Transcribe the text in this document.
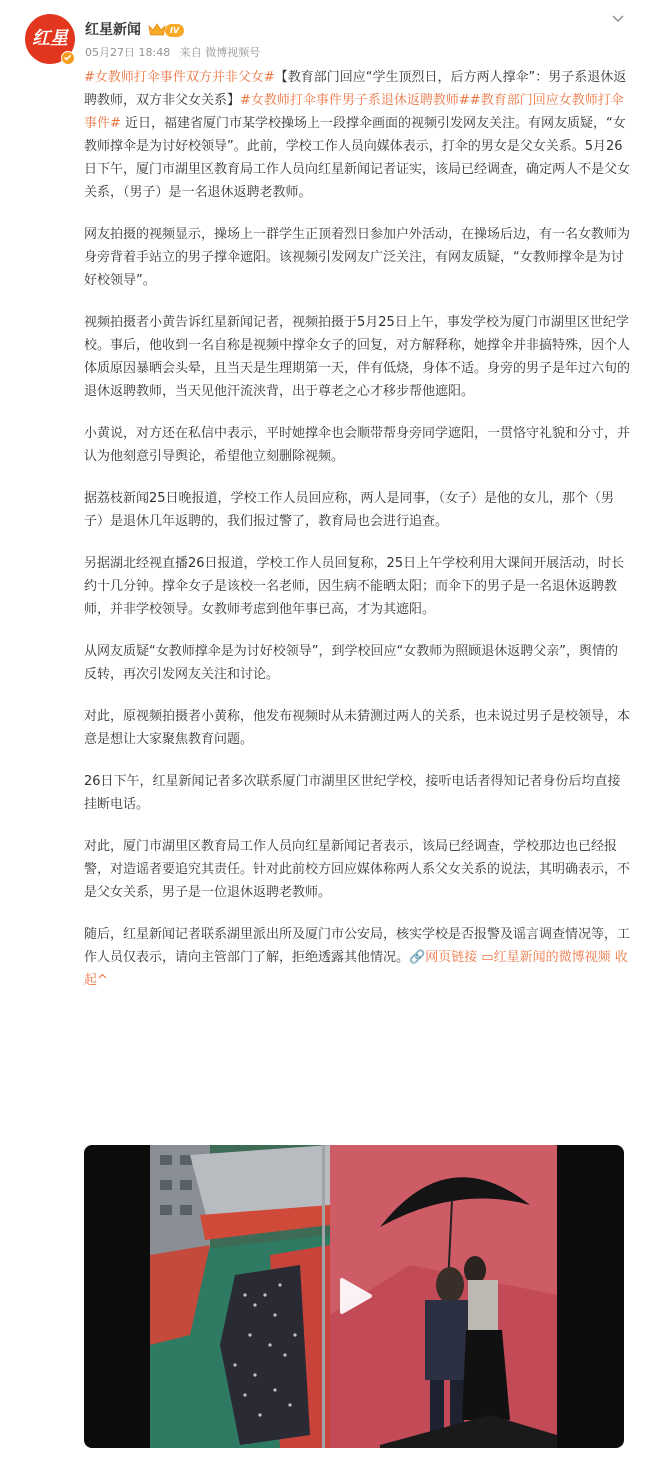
红星	红星新闻	IV
05月27日 18:48 来自 微博视频号

#女教师打伞事件双方并非父女#【教育部门回应“学生顶烈日，后方两人撑伞”：男子系退休返聘教师，双方非父女关系】#女教师打伞事件男子系退休返聘教师##教育部门回应女教师打伞事件# 近日，福建省厦门市某学校操场上一段撑伞画面的视频引发网友关注。有网友质疑，“女教师撑伞是为讨好校领导”。此前，学校工作人员向媒体表示，打伞的男女是父女关系。5月26日下午，厦门市湖里区教育局工作人员向红星新闻记者证实，该局已经调查，确定两人不是父女关系，（男子）是一名退休返聘老教师。

网友拍摄的视频显示，操场上一群学生正顶着烈日参加户外活动，在操场后边，有一名女教师为身旁背着手站立的男子撑伞遮阳。该视频引发网友广泛关注，有网友质疑，“女教师撑伞是为讨好校领导”。

视频拍摄者小黄告诉红星新闻记者，视频拍摄于5月25日上午，事发学校为厦门市湖里区世纪学校。事后，他收到一名自称是视频中撑伞女子的回复，对方解释称，她撑伞并非搞特殊，因个人体质原因暴晒会头晕，且当天是生理期第一天，伴有低烧，身体不适。身旁的男子是年过六旬的退休返聘教师，当天见他汗流浃背，出于尊老之心才移步帮他遮阳。

小黄说，对方还在私信中表示，平时她撑伞也会顺带帮身旁同学遮阳，一贯恪守礼貌和分寸，并认为他刻意引导舆论，希望他立刻删除视频。

据荔枝新闻25日晚报道，学校工作人员回应称，两人是同事，（女子）是他的女儿，那个（男子）是退休几年返聘的，我们报过警了，教育局也会进行追查。

另据湖北经视直播26日报道，学校工作人员回复称，25日上午学校利用大课间开展活动，时长约十几分钟。撑伞女子是该校一名老师，因生病不能晒太阳；而伞下的男子是一名退休返聘教师，并非学校领导。女教师考虑到他年事已高，才为其遮阳。

从网友质疑“女教师撑伞是为讨好校领导”，到学校回应“女教师为照顾退休返聘父亲”，舆情的反转，再次引发网友关注和讨论。

对此，原视频拍摄者小黄称，他发布视频时从未猜测过两人的关系，也未说过男子是校领导，本意是想让大家聚焦教育问题。

26日下午，红星新闻记者多次联系厦门市湖里区世纪学校，接听电话者得知记者身份后均直接挂断电话。

对此，厦门市湖里区教育局工作人员向红星新闻记者表示，该局已经调查，学校那边也已经报警，对造谣者要追究其责任。针对此前校方回应媒体称两人系父女关系的说法，其明确表示，不是父女关系，男子是一位退休返聘老教师。

随后，红星新闻记者联系湖里派出所及厦门市公安局，核实学校是否报警及谣言调查情况等，工作人员仅表示，请向主管部门了解，拒绝透露其他情况。🔗网页链接 ▭红星新闻的微博视频 收起^
